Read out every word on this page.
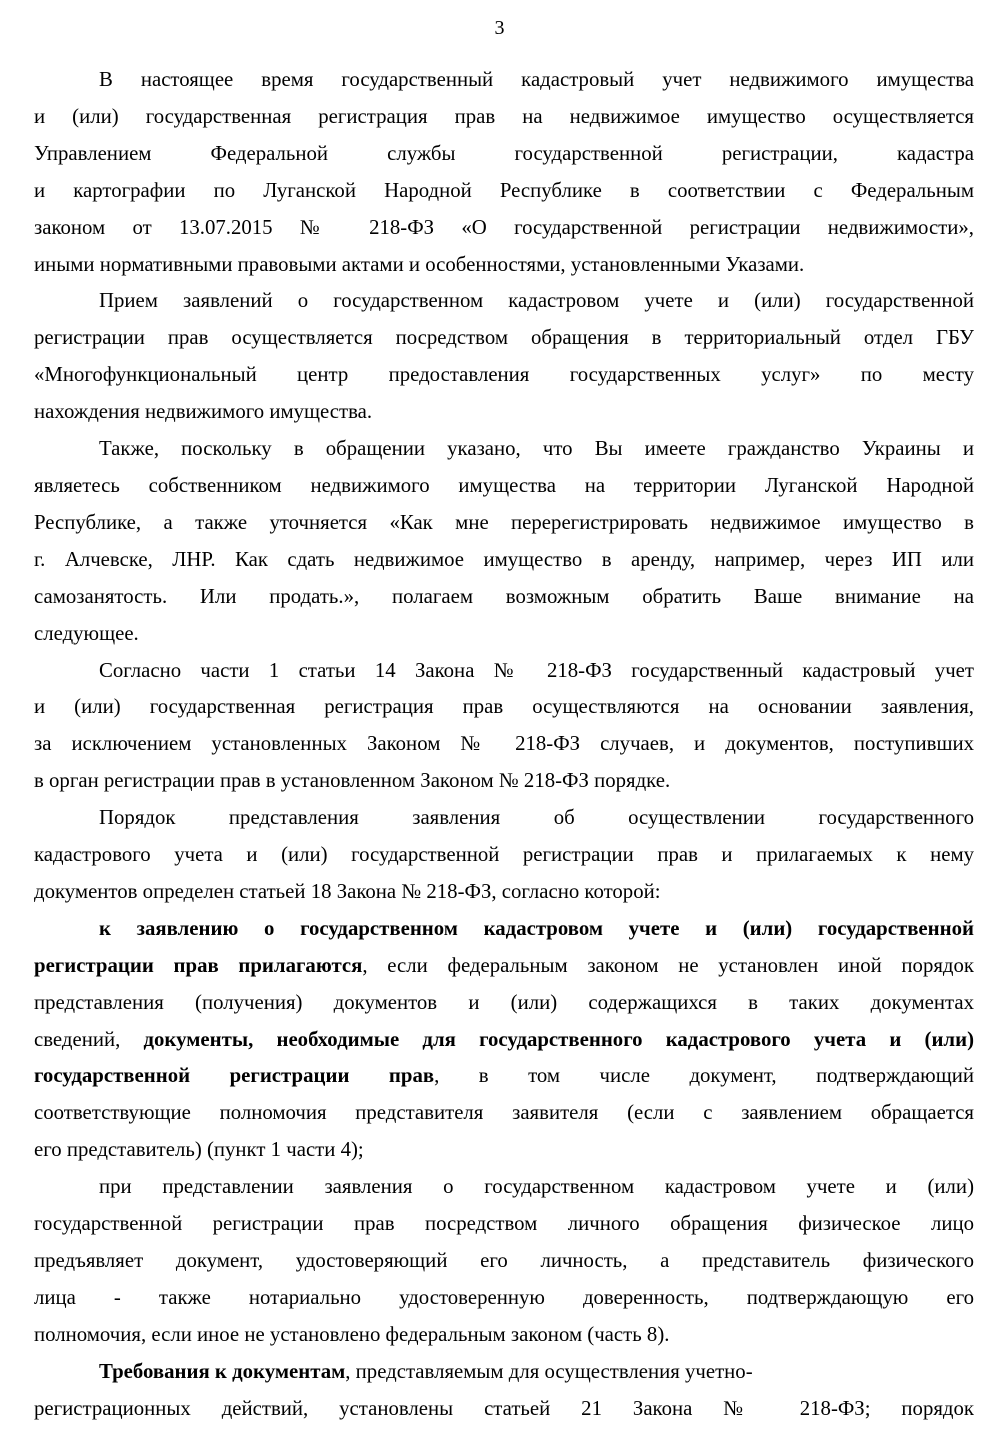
3
В настоящее время государственный кадастровый учет недвижимого имущества
и (или) государственная регистрация прав на недвижимое имущество осуществляется
Управлением Федеральной службы государственной регистрации, кадастра
и картографии по Луганской Народной Республике в соответствии с Федеральным
законом от 13.07.2015 № 218-ФЗ «О государственной регистрации недвижимости»,
иными нормативными правовыми актами и особенностями, установленными Указами.
Прием заявлений о государственном кадастровом учете и (или) государственной
регистрации прав осуществляется посредством обращения в территориальный отдел ГБУ
«Многофункциональный центр предоставления государственных услуг» по месту
нахождения недвижимого имущества.
Также, поскольку в обращении указано, что Вы имеете гражданство Украины и
являетесь собственником недвижимого имущества на территории Луганской Народной
Республике, а также уточняется «Как мне перерегистрировать недвижимое имущество в
г. Алчевске, ЛНР. Как сдать недвижимое имущество в аренду, например, через ИП или
самозанятость. Или продать.», полагаем возможным обратить Ваше внимание на
следующее.
Согласно части 1 статьи 14 Закона № 218-ФЗ государственный кадастровый учет
и (или) государственная регистрация прав осуществляются на основании заявления,
за исключением установленных Законом № 218-ФЗ случаев, и документов, поступивших
в орган регистрации прав в установленном Законом № 218-ФЗ порядке.
Порядок представления заявления об осуществлении государственного
кадастрового учета и (или) государственной регистрации прав и прилагаемых к нему
документов определен статьей 18 Закона № 218-ФЗ, согласно которой:
к заявлению о государственном кадастровом учете и (или) государственной
регистрации прав прилагаются, если федеральным законом не установлен иной порядок
представления (получения) документов и (или) содержащихся в таких документах
сведений, документы, необходимые для государственного кадастрового учета и (или)
государственной регистрации прав, в том числе документ, подтверждающий
соответствующие полномочия представителя заявителя (если с заявлением обращается
его представитель) (пункт 1 части 4);
при представлении заявления о государственном кадастровом учете и (или)
государственной регистрации прав посредством личного обращения физическое лицо
предъявляет документ, удостоверяющий его личность, а представитель физического
лица - также нотариально удостоверенную доверенность, подтверждающую его
полномочия, если иное не установлено федеральным законом (часть 8).
Требования к документам, представляемым для осуществления учетно-
регистрационных действий, установлены статьей 21 Закона № 218-ФЗ; порядок
